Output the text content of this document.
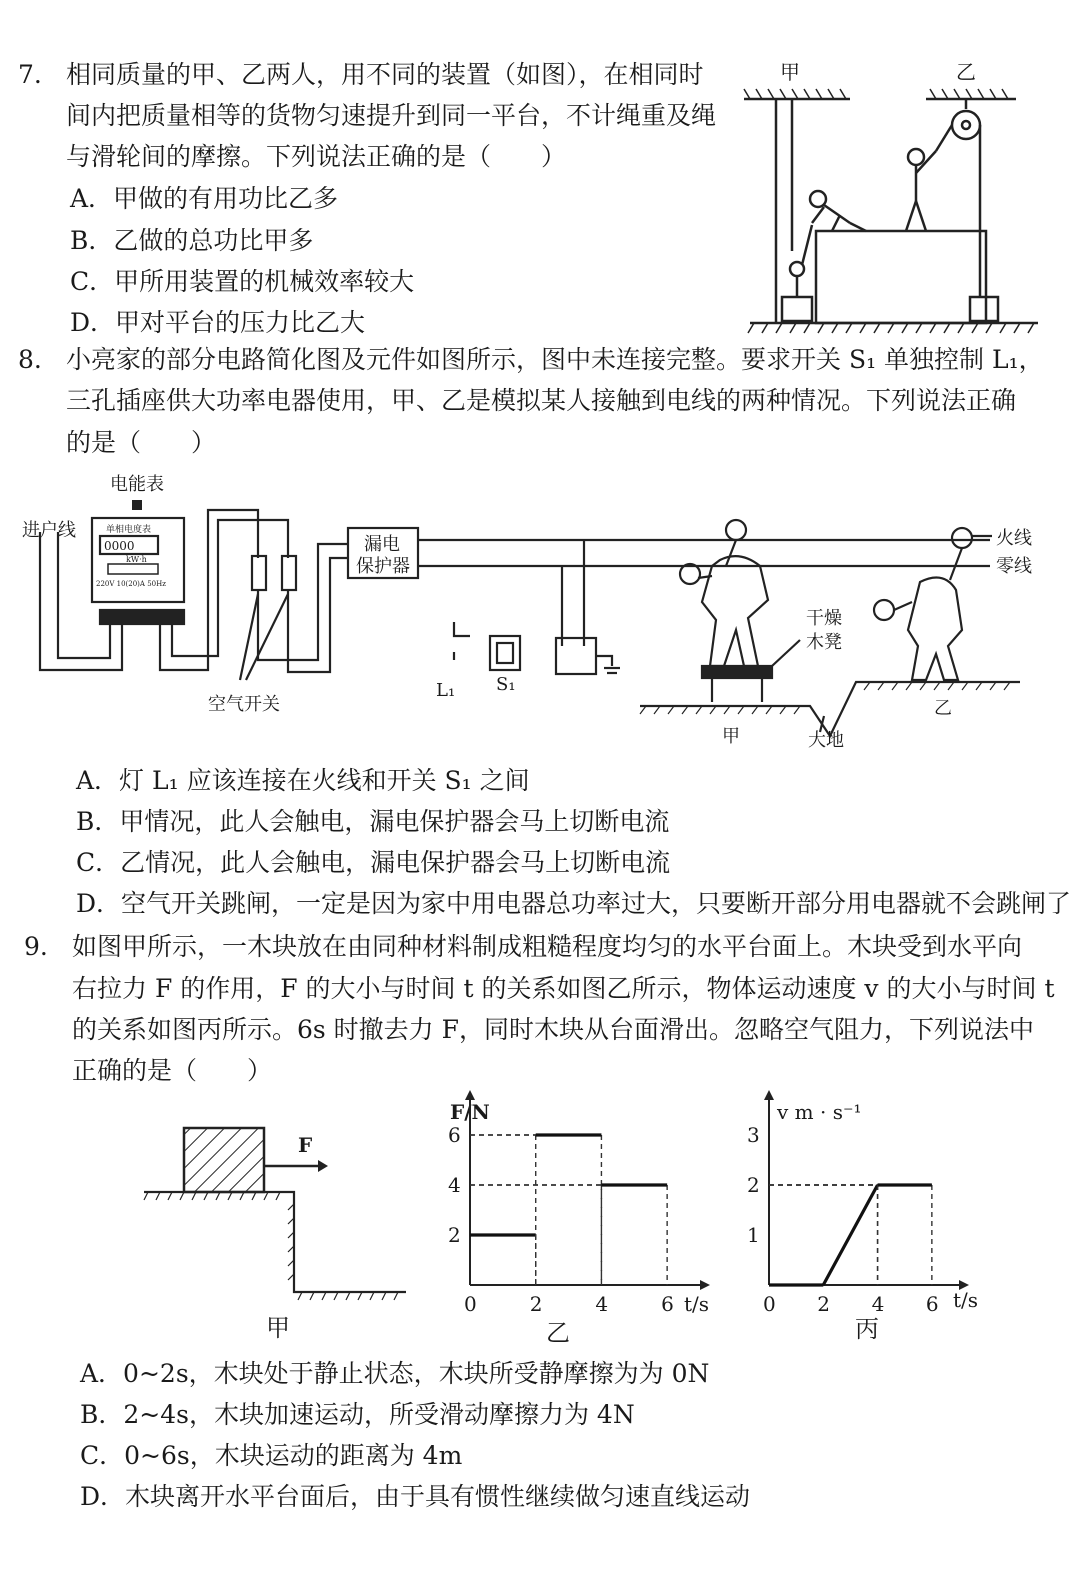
7. 相同质量的甲、乙两人，用不同的装置（如图），在相同时
间内把质量相等的货物匀速提升到同一平台，不计绳重及绳
与滑轮间的摩擦。下列说法正确的是（　　）
A．甲做的有用功比乙多
B．乙做的总功比甲多
C．甲所用装置的机械效率较大
D．甲对平台的压力比乙大
甲	乙
8. 小亮家的部分电路简化图及元件如图所示，图中未连接完整。要求开关 S₁ 单独控制 L₁，
三孔插座供大功率电器使用，甲、乙是模拟某人接触到电线的两种情况。下列说法正确
的是（　　）
电能表
单相电度表
0000
kW·h
220V 10(20)A 50Hz
进户线
空气开关
漏电
保护器
火线
零线
L₁ S₁
干燥
木凳
大地
甲
乙
A．灯 L₁ 应该连接在火线和开关 S₁ 之间
B．甲情况，此人会触电，漏电保护器会马上切断电流
C．乙情况，此人会触电，漏电保护器会马上切断电流
D．空气开关跳闸，一定是因为家中用电器总功率过大，只要断开部分用电器就不会跳闸了
9. 如图甲所示，一木块放在由同种材料制成粗糙程度均匀的水平台面上。木块受到水平向
右拉力 F 的作用，F 的大小与时间 t 的关系如图乙所示，物体运动速度 v 的大小与时间 t
的关系如图丙所示。6s 时撤去力 F，同时木块从台面滑出。忽略空气阻力，下列说法中
正确的是（　　）
F
甲
F/N
t/s
乙
0	2	4	6
2
4
6
v m · s⁻¹
t/s
丙
0 2 4 6
1
2
3
A．0~2s，木块处于静止状态，木块所受静摩擦为为 0N
B．2~4s，木块加速运动，所受滑动摩擦力为 4N
C．0~6s，木块运动的距离为 4m
D．木块离开水平台面后，由于具有惯性继续做匀速直线运动
